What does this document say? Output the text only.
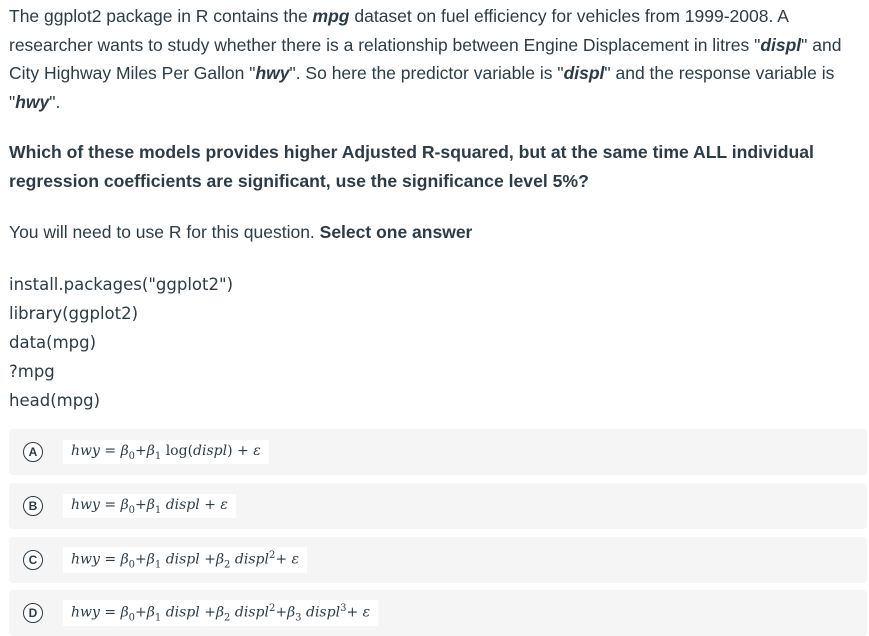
The ggplot2 package in R contains the mpg dataset on fuel efficiency for vehicles from 1999-2008. A researcher wants to study whether there is a relationship between Engine Displacement in litres "displ" and City Highway Miles Per Gallon "hwy". So here the predictor variable is "displ" and the response variable is "hwy".

Which of these models provides higher Adjusted R-squared, but at the same time ALL individual regression coefficients are significant, use the significance level 5%?

You will need to use R for this question. Select one answer

install.packages("ggplot2")
library(ggplot2)
data(mpg)
?mpg
head(mpg)
A	hwy = $\beta_0+\beta_1$ log(displ) + ε
B	hwy = $\beta_0+\beta_1$ displ + ε
C	hwy = $\beta_0+\beta_1$ displ $+\beta_2$ displ$^2$+ ε
D	hwy = $\beta_0+\beta_1$ displ $+\beta_2$ $displ^2+\beta_3$ displ$^3$+ ε
